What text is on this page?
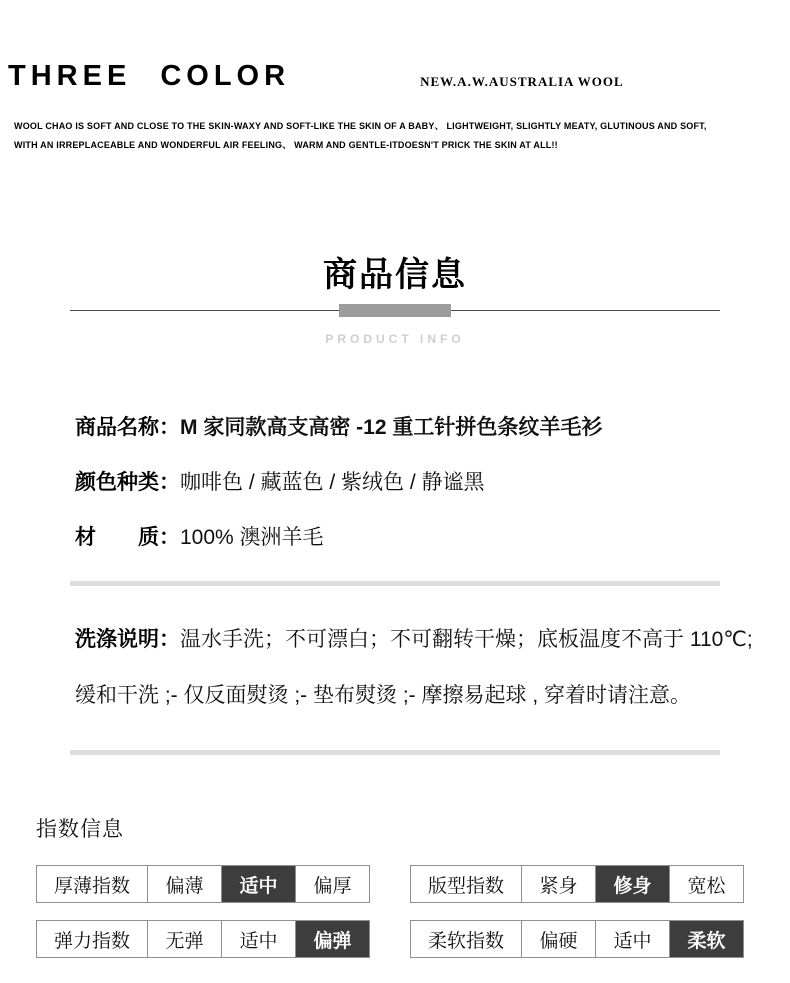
THREE COLOR	NEW.A.W.AUSTRALIA WOOL
WOOL CHAO IS SOFT AND CLOSE TO THE SKIN-WAXY AND SOFT-LIKE THE SKIN OF A BABY、 LIGHTWEIGHT, SLIGHTLY MEATY, GLUTINOUS AND SOFT,
WITH AN IRREPLACEABLE AND WONDERFUL AIR FEELING、 WARM AND GENTLE-ITDOESN'T PRICK THE SKIN AT ALL!!
商品信息
PRODUCT INFO
商品名称：M 家同款高支高密 -12 重工针拼色条纹羊毛衫
颜色种类：咖啡色 / 藏蓝色 / 紫绒色 / 静谧黑
材　　质：100% 澳洲羊毛
洗涤说明：温水手洗；不可漂白；不可翻转干燥；底板温度不高于 110℃;
缓和干洗 ;- 仅反面熨烫 ;- 垫布熨烫 ;- 摩擦易起球 , 穿着时请注意。
指数信息
厚薄指数	偏薄	适中	偏厚
弹力指数	无弹	适中	偏弹
版型指数	紧身	修身	宽松
柔软指数	偏硬	适中	柔软
